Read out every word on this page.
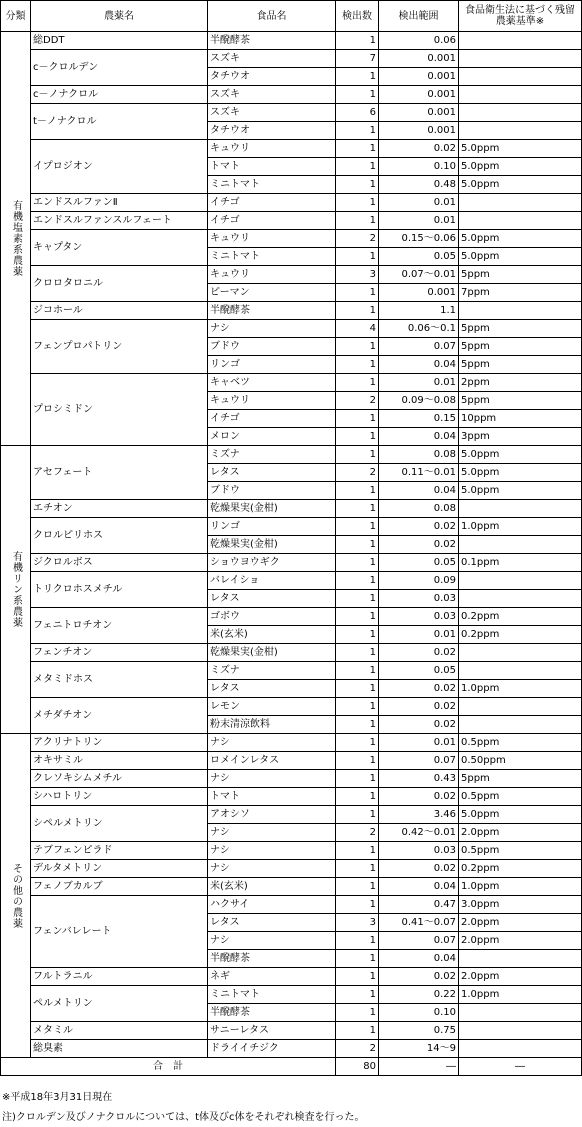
分類	農薬名	食品名	検出数	検出範囲	食品衛生法に基づく残留農薬基準※
有機塩素系農薬	総DDT	半醗酵茶	1	0.06	
	c－クロルデン	スズキ	7	0.001	
		タチウオ	1	0.001	
	c－ノナクロル	スズキ	1	0.001	
	t－ノナクロル	スズキ	6	0.001	
		タチウオ	1	0.001	
	イプロジオン	キュウリ	1	0.02	5.0ppm
		トマト	1	0.10	5.0ppm
		ミニトマト	1	0.48	5.0ppm
	エンドスルファンⅡ	イチゴ	1	0.01	
	エンドスルファンスルフェート	イチゴ	1	0.01	
	キャプタン	キュウリ	2	0.15～0.06	5.0ppm
		ミニトマト	1	0.05	5.0ppm
	クロロタロニル	キュウリ	3	0.07～0.01	5ppm
		ピーマン	1	0.001	7ppm
	ジコホール	半醗酵茶	1	1.1	
	フェンプロパトリン	ナシ	4	0.06～0.1	5ppm
		ブドウ	1	0.07	5ppm
		リンゴ	1	0.04	5ppm
	プロシミドン	キャベツ	1	0.01	2ppm
		キュウリ	2	0.09～0.08	5ppm
		イチゴ	1	0.15	10ppm
		メロン	1	0.04	3ppm
有機リン系農薬	アセフェート	ミズナ	1	0.08	5.0ppm
		レタス	2	0.11～0.01	5.0ppm
		ブドウ	1	0.04	5.0ppm
	エチオン	乾燥果実(金柑)	1	0.08	
	クロルピリホス	リンゴ	1	0.02	1.0ppm
		乾燥果実(金柑)	1	0.02	
	ジクロルボス	ショウヨウギク	1	0.05	0.1ppm
	トリクロホスメチル	バレイショ	1	0.09	
		レタス	1	0.03	
	フェニトロチオン	ゴボウ	1	0.03	0.2ppm
		米(玄米)	1	0.01	0.2ppm
	フェンチオン	乾燥果実(金柑)	1	0.02	
	メタミドホス	ミズナ	1	0.05	
		レタス	1	0.02	1.0ppm
	メチダチオン	レモン	1	0.02	
		粉末清涼飲料	1	0.02	
その他の農薬	アクリナトリン	ナシ	1	0.01	0.5ppm
	オキサミル	ロメインレタス	1	0.07	0.50ppm
	クレソキシムメチル	ナシ	1	0.43	5ppm
	シハロトリン	トマト	1	0.02	0.5ppm
	シペルメトリン	アオシソ	1	3.46	5.0ppm
		ナシ	2	0.42～0.01	2.0ppm
	テブフェンピラド	ナシ	1	0.03	0.5ppm
	デルタメトリン	ナシ	1	0.02	0.2ppm
	フェノブカルブ	米(玄米)	1	0.04	1.0ppm
	フェンバレレート	ハクサイ	1	0.47	3.0ppm
		レタス	3	0.41～0.07	2.0ppm
		ナシ	1	0.07	2.0ppm
		半醗酵茶	1	0.04	
	フルトラニル	ネギ	1	0.02	2.0ppm
	ペルメトリン	ミニトマト	1	0.22	1.0ppm
		半醗酵茶	1	0.10	
	メタミル	サニーレタス	1	0.75	
	総臭素	ドライイチジク	2	14～9	
合　計			80	―	―
※平成18年3月31日現在
注)クロルデン及びノナクロルについては、t体及びc体をそれぞれ検査を行った。
